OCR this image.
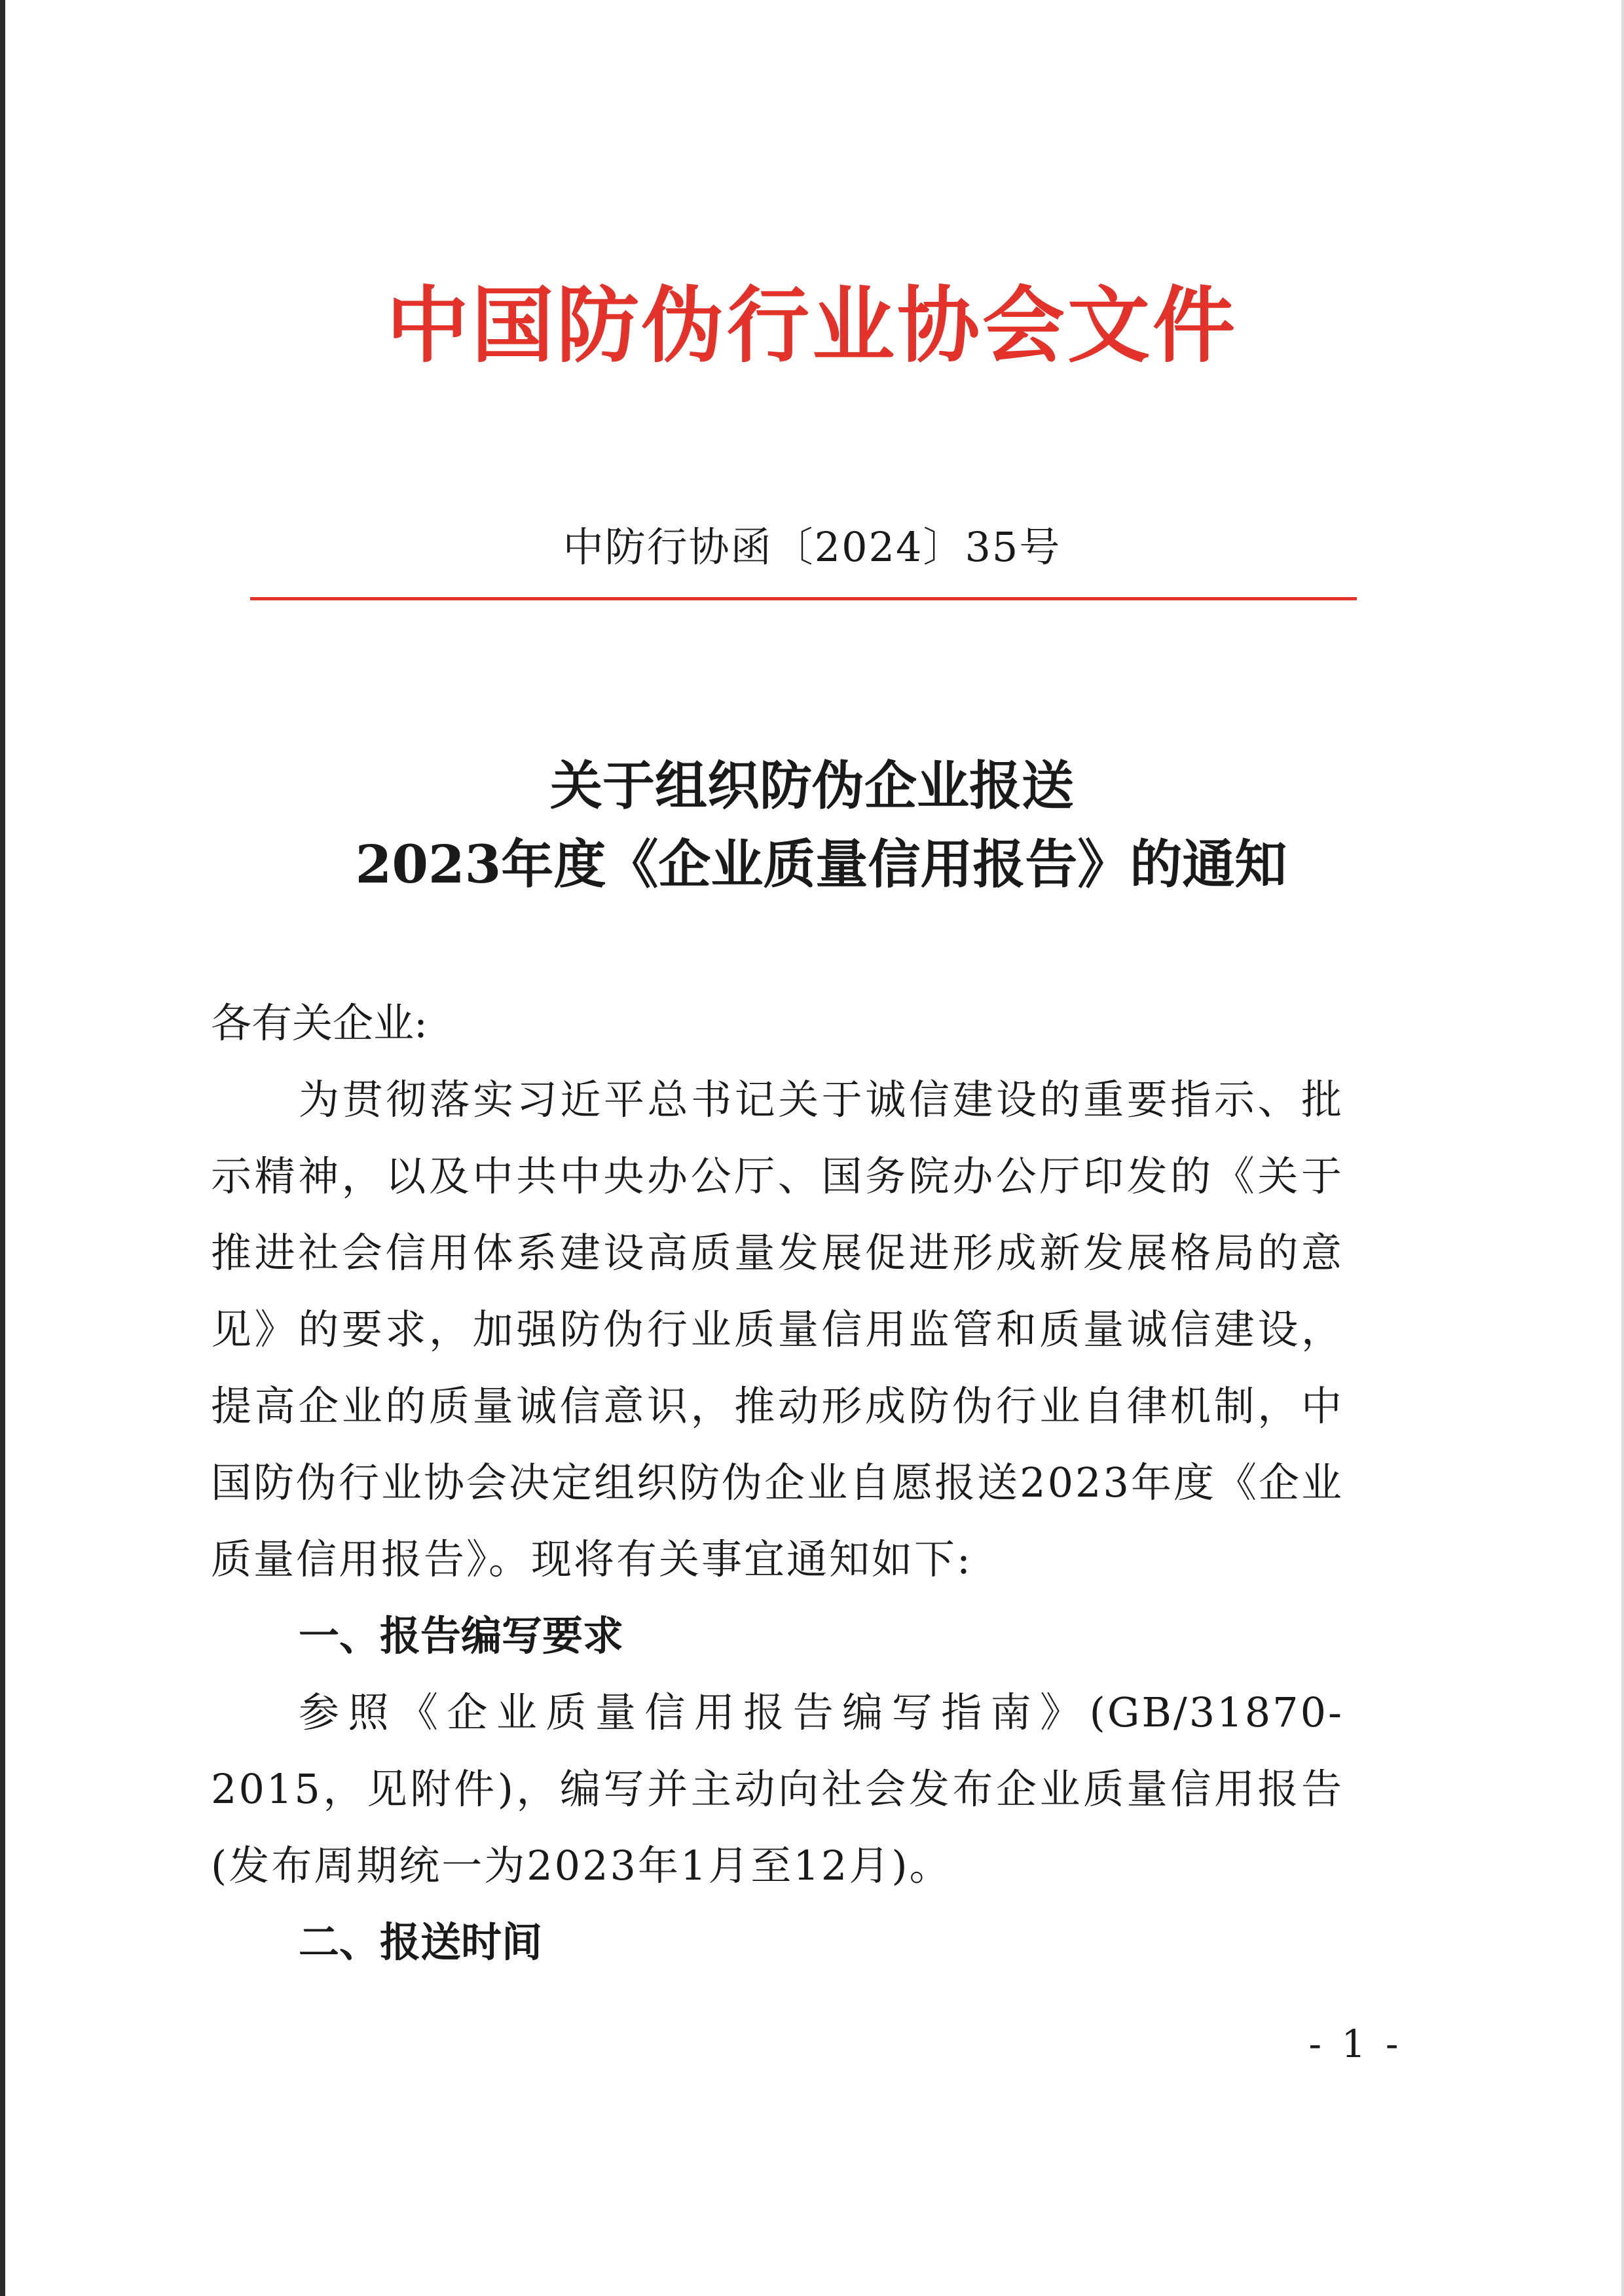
中国防伪行业协会文件
中防行协函〔2024〕35号
关于组织防伪企业报送
2023年度《企业质量信用报告》的通知
各有关企业:
为贯彻落实习近平总书记关于诚信建设的重要指示、批示精神，以及中共中央办公厅、国务院办公厅印发的《关于推进社会信用体系建设高质量发展促进形成新发展格局的意见》的要求，加强防伪行业质量信用监管和质量诚信建设，提高企业的质量诚信意识，推动形成防伪行业自律机制，中国防伪行业协会决定组织防伪企业自愿报送2023年度《企业质量信用报告》。现将有关事宜通知如下:
一、报告编写要求
参照《企业质量信用报告编写指南》(GB/31870-2015，见附件)，编写并主动向社会发布企业质量信用报告(发布周期统一为2023年1月至12月)。
二、报送时间
- 1 -
